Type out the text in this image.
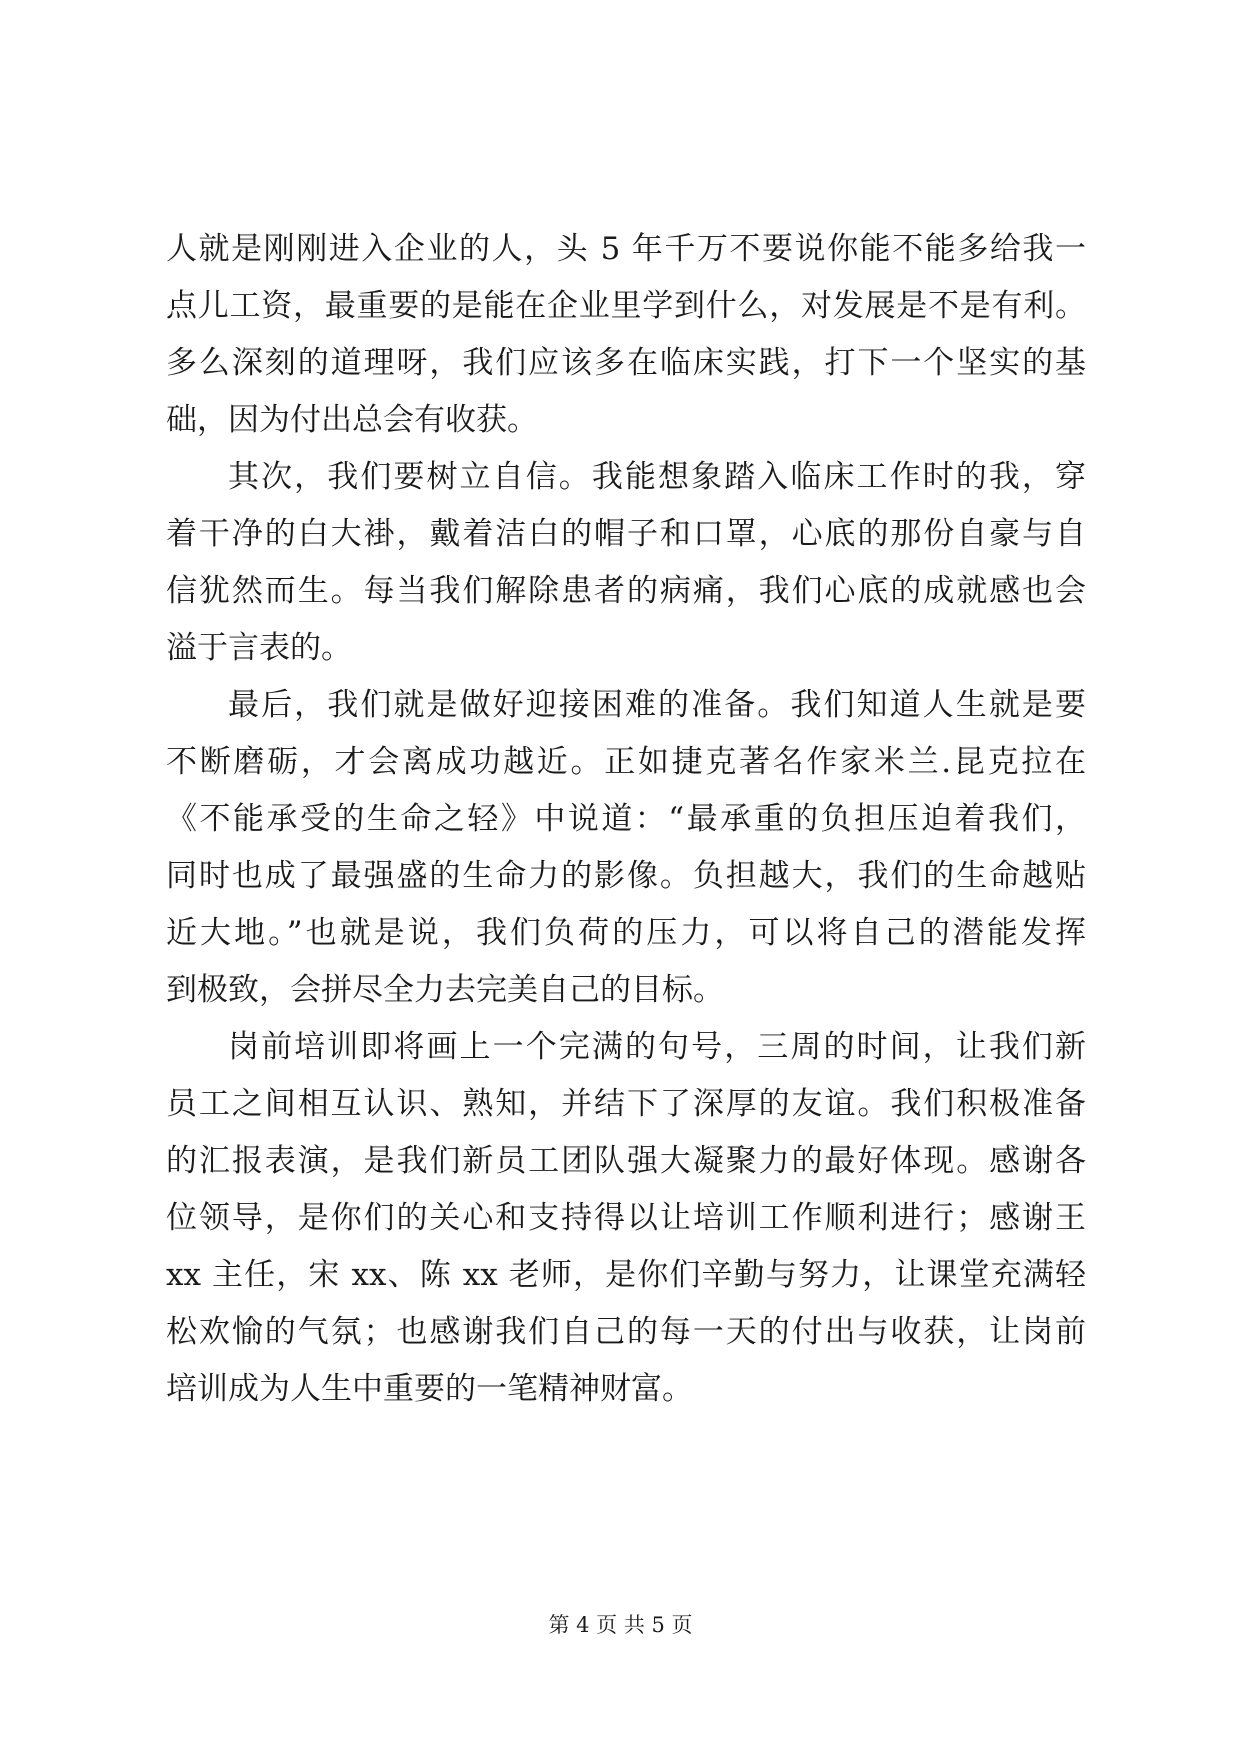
人就是刚刚进入企业的人，头 5 年千万不要说你能不能多给我一
点儿工资，最重要的是能在企业里学到什么，对发展是不是有利。
多么深刻的道理呀，我们应该多在临床实践，打下一个坚实的基
础，因为付出总会有收获。
其次，我们要树立自信。我能想象踏入临床工作时的我，穿
着干净的白大褂，戴着洁白的帽子和口罩，心底的那份自豪与自
信犹然而生。每当我们解除患者的病痛，我们心底的成就感也会
溢于言表的。
最后，我们就是做好迎接困难的准备。我们知道人生就是要
不断磨砺，才会离成功越近。正如捷克著名作家米兰.昆克拉在
《不能承受的生命之轻》中说道：“最承重的负担压迫着我们，
同时也成了最强盛的生命力的影像。负担越大，我们的生命越贴
近大地。”也就是说，我们负荷的压力，可以将自己的潜能发挥
到极致，会拼尽全力去完美自己的目标。
岗前培训即将画上一个完满的句号，三周的时间，让我们新
员工之间相互认识、熟知，并结下了深厚的友谊。我们积极准备
的汇报表演，是我们新员工团队强大凝聚力的最好体现。感谢各
位领导，是你们的关心和支持得以让培训工作顺利进行；感谢王
xx 主任，宋 xx、陈 xx 老师，是你们辛勤与努力，让课堂充满轻
松欢愉的气氛；也感谢我们自己的每一天的付出与收获，让岗前
培训成为人生中重要的一笔精神财富。
第 4 页 共 5 页
